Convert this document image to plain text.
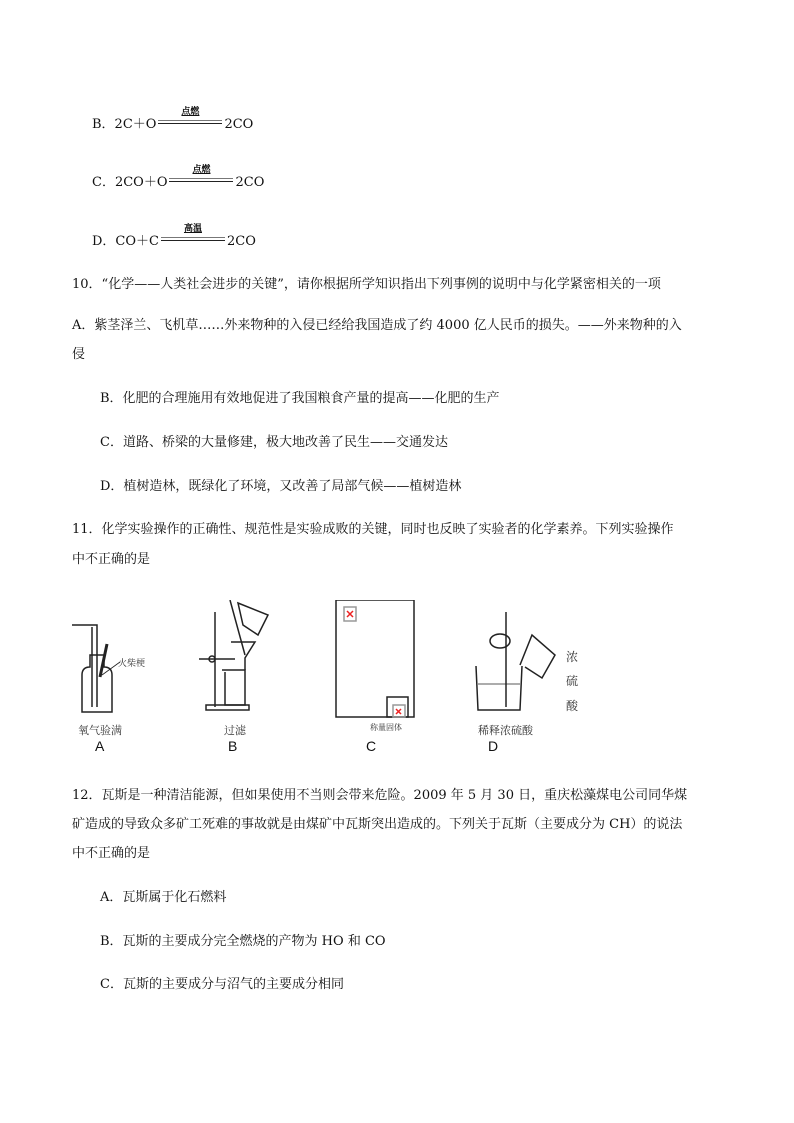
B．2C＋O
点燃
2CO
C．2CO＋O
点燃
2CO
D．CO＋C
高温
2CO
10．“化学——人类社会进步的关键”，请你根据所学知识指出下列事例的说明中与化学紧密相关的一项
A．紫茎泽兰、飞机草……外来物种的入侵已经给我国造成了约 4000 亿人民币的损失。——外来物种的入
侵
B．化肥的合理施用有效地促进了我国粮食产量的提高——化肥的生产
C．道路、桥梁的大量修建，极大地改善了民生——交通发达
D．植树造林，既绿化了环境，又改善了局部气候——植树造林
11．化学实验操作的正确性、规范性是实验成败的关键，同时也反映了实验者的化学素养。下列实验操作
中不正确的是
氧气验满
火柴梗
过滤	称量固体	稀释浓硫酸
浓
硫
酸
A	B	C	D
12．瓦斯是一种清洁能源，但如果使用不当则会带来危险。2009 年 5 月 30 日，重庆松藻煤电公司同华煤
矿造成的导致众多矿工死难的事故就是由煤矿中瓦斯突出造成的。下列关于瓦斯（主要成分为 CH）的说法
中不正确的是
A．瓦斯属于化石燃料
B．瓦斯的主要成分完全燃烧的产物为 HO 和 CO
C．瓦斯的主要成分与沼气的主要成分相同
